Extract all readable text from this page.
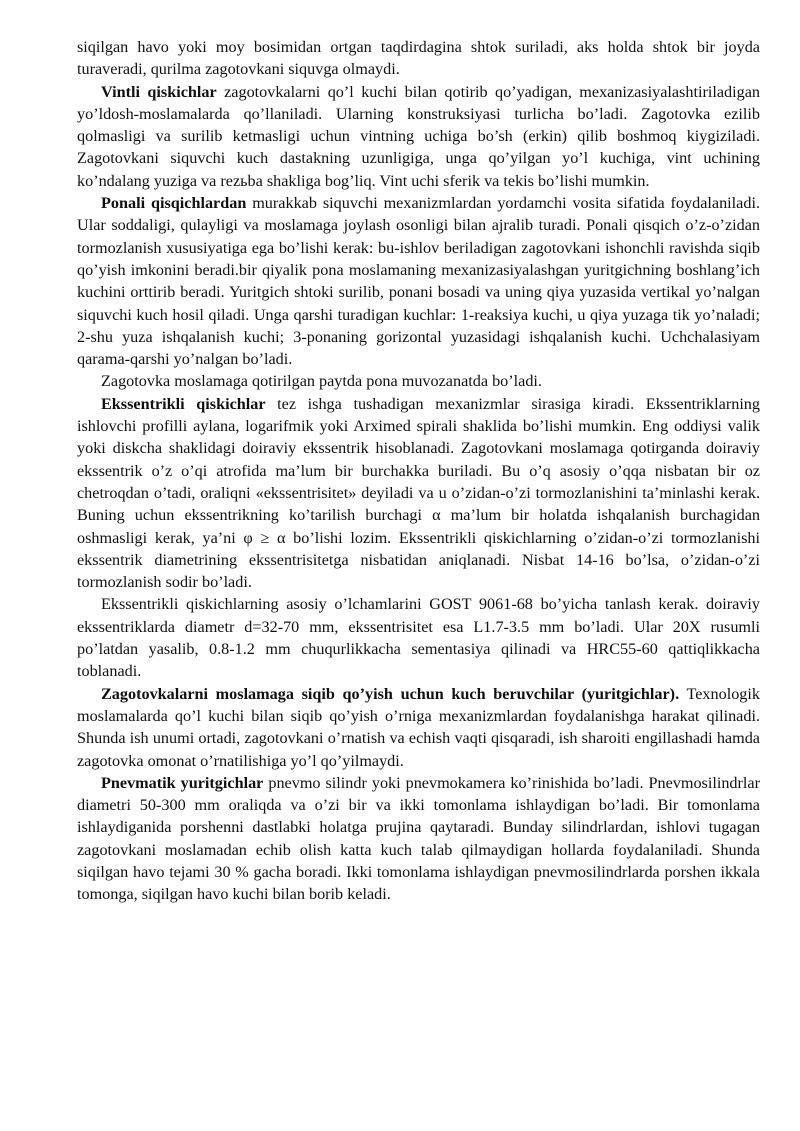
siqilgan havo yoki moy bosimidan ortgan taqdirdagina shtok suriladi, aks holda shtok bir joyda turaveradi, qurilma zagotovkani siquvga olmaydi.

Vintli qiskichlar zagotovkalarni qo’l kuchi bilan qotirib qo’yadigan, mexanizasiyalashtiriladigan yo’ldosh-moslamalarda qo’llaniladi. Ularning konstruksiyasi turlicha bo’ladi. Zagotovka ezilib qolmasligi va surilib ketmasligi uchun vintning uchiga bo’sh (erkin) qilib boshmoq kiygiziladi. Zagotovkani siquvchi kuch dastakning uzunligiga, unga qo’yilgan yo’l kuchiga, vint uchining ko’ndalang yuziga va rezьba shakliga bog’liq. Vint uchi sferik va tekis bo’lishi mumkin.

Ponali qisqichlardan murakkab siquvchi mexanizmlardan yordamchi vosita sifatida foydalaniladi. Ular soddaligi, qulayligi va moslamaga joylash osonligi bilan ajralib turadi. Ponali qisqich o’z-o’zidan tormozlanish xususiyatiga ega bo’lishi kerak: bu-ishlov beriladigan zagotovkani ishonchli ravishda siqib qo’yish imkonini beradi.bir qiyalik pona moslamaning mexanizasiyalashgan yuritgichning boshlang’ich kuchini orttirib beradi. Yuritgich shtoki surilib, ponani bosadi va uning qiya yuzasida vertikal yo’nalgan siquvchi kuch hosil qiladi. Unga qarshi turadigan kuchlar: 1-reaksiya kuchi, u qiya yuzaga tik yo’naladi; 2-shu yuza ishqalanish kuchi; 3-ponaning gorizontal yuzasidagi ishqalanish kuchi. Uchchalasiyam qarama-qarshi yo’nalgan bo’ladi.

Zagotovka moslamaga qotirilgan paytda pona muvozanatda bo’ladi.

Ekssentrikli qiskichlar tez ishga tushadigan mexanizmlar sirasiga kiradi. Ekssentriklarning ishlovchi profilli aylana, logarifmik yoki Arximed spirali shaklida bo’lishi mumkin. Eng oddiysi valik yoki diskcha shaklidagi doiraviy ekssentrik hisoblanadi. Zagotovkani moslamaga qotirganda doiraviy ekssentrik o’z o’qi atrofida ma’lum bir burchakka buriladi. Bu o’q asosiy o’qqa nisbatan bir oz chetroqdan o’tadi, oraliqni «ekssentrisitet» deyiladi va u o’zidan-o’zi tormozlanishini ta’minlashi kerak. Buning uchun ekssentrikning ko’tarilish burchagi α ma’lum bir holatda ishqalanish burchagidan oshmasligi kerak, ya’ni φ ≥ α bo’lishi lozim. Ekssentrikli qiskichlarning o’zidan-o’zi tormozlanishi ekssentrik diametrining ekssentrisitetga nisbatidan aniqlanadi. Nisbat 14-16 bo’lsa, o’zidan-o’zi tormozlanish sodir bo’ladi.

Ekssentrikli qiskichlarning asosiy o’lchamlarini GOST 9061-68 bo’yicha tanlash kerak. doiraviy ekssentriklarda diametr d=32-70 mm, ekssentrisitet esa L1.7-3.5 mm bo’ladi. Ular 20X rusumli po’latdan yasalib, 0.8-1.2 mm chuqurlikkacha sementasiya qilinadi va HRC55-60 qattiqlikkacha toblanadi.

Zagotovkalarni moslamaga siqib qo’yish uchun kuch beruvchilar (yuritgichlar). Texnologik moslamalarda qo’l kuchi bilan siqib qo’yish o’rniga mexanizmlardan foydalanishga harakat qilinadi. Shunda ish unumi ortadi, zagotovkani o’rnatish va echish vaqti qisqaradi, ish sharoiti engillashadi hamda zagotovka omonat o’rnatilishiga yo’l qo’yilmaydi.

Pnevmatik yuritgichlar pnevmo silindr yoki pnevmokamera ko’rinishida bo’ladi. Pnevmosilindrlar diametri 50-300 mm oraliqda va o’zi bir va ikki tomonlama ishlaydigan bo’ladi. Bir tomonlama ishlaydiganida porshenni dastlabki holatga prujina qaytaradi. Bunday silindrlardan, ishlovi tugagan zagotovkani moslamadan echib olish katta kuch talab qilmaydigan hollarda foydalaniladi. Shunda siqilgan havo tejami 30 % gacha boradi. Ikki tomonlama ishlaydigan pnevmosilindrlarda porshen ikkala tomonga, siqilgan havo kuchi bilan borib keladi.
